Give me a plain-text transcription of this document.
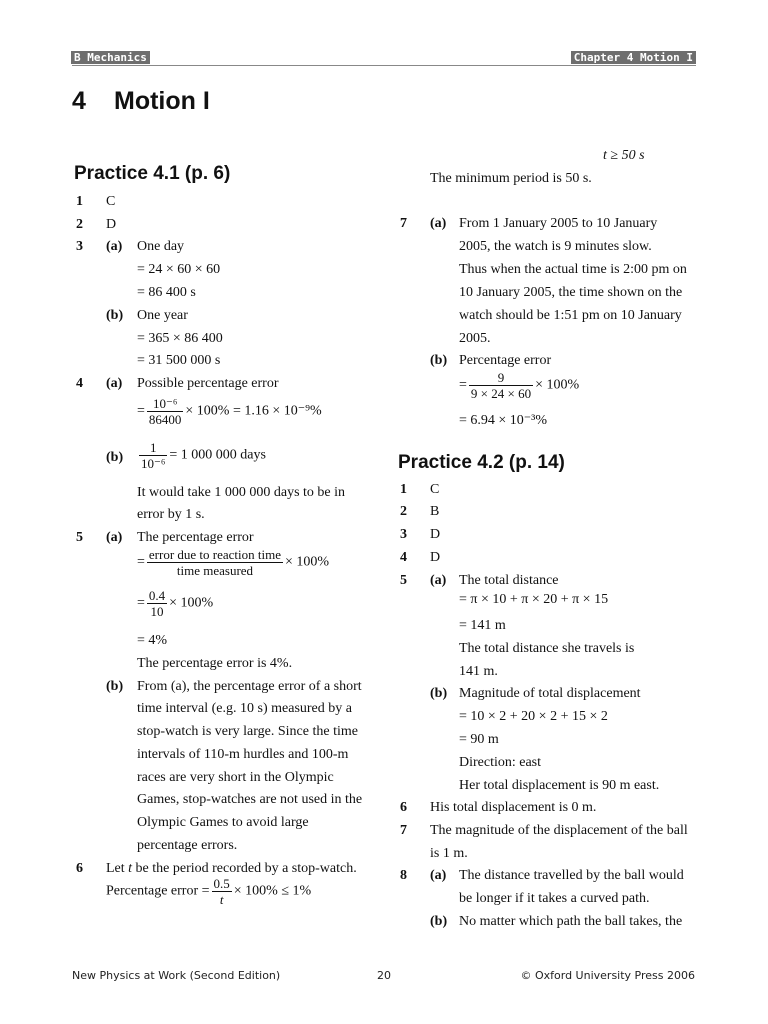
B Mechanics	Chapter 4 Motion I
4 Motion I
Practice 4.1 (p. 6)
1 C
2 D
3 (a) One day
= 24 × 60 × 60
= 86 400 s
(b) One year
= 365 × 86 400
= 31 500 000 s
4 (a) Possible percentage error
= $\frac{\text{10⁻⁶}}{86400} \times 100\% = 1.16 \times 10^{-9}\%$
$(b) \frac{1}{\text{10⁻⁶}} = 1$ 000 000 days
It would take 1 000 000 days to be in
error by 1 s.
5 (a) The percentage error
= $\frac{\text{error due to reaction time}}{\text{time measured}} \times 100\%$
= $\frac{0.4}{10} \times 100\%$
= 4%
The percentage error is 4%.
(b) From (a), the percentage error of a short
time interval (e.g. 10 s) measured by a
stop-watch is very large. Since the time
intervals of 110-m hurdles and 100-m
races are very short in the Olympic
Games, stop-watches are not used in the
Olympic Games to avoid large
percentage errors.
6 Let t be the period recorded by a stop-watch.
Percentage error = $\frac{0.5}{t} \times 100\% \le 1\%$
t ≥ 50 s
The minimum period is 50 s.
7 (a) From 1 January 2005 to 10 January
2005, the watch is 9 minutes slow.
Thus when the actual time is 2:00 pm on
10 January 2005, the time shown on the
watch should be 1:51 pm on 10 January
2005.
(b) Percentage error
= $\frac{9}{9 \times 24 \times 60} \times 100\%$
= 6.94 × 10⁻³%
Practice 4.2 (p. 14)
1 C
2 B
3 D
4 D
5 (a) The total distance
= π × 10 + π × 20 + π × 15
= 141 m
The total distance she travels is
141 m.
(b) Magnitude of total displacement
= 10 × 2 + 20 × 2 + 15 × 2
= 90 m
Direction: east
Her total displacement is 90 m east.
6 His total displacement is 0 m.
7 The magnitude of the displacement of the ball
is 1 m.
8 (a) The distance travelled by the ball would
be longer if it takes a curved path.
(b) No matter which path the ball takes, the
New Physics at Work (Second Edition)	20	© Oxford University Press 2006
